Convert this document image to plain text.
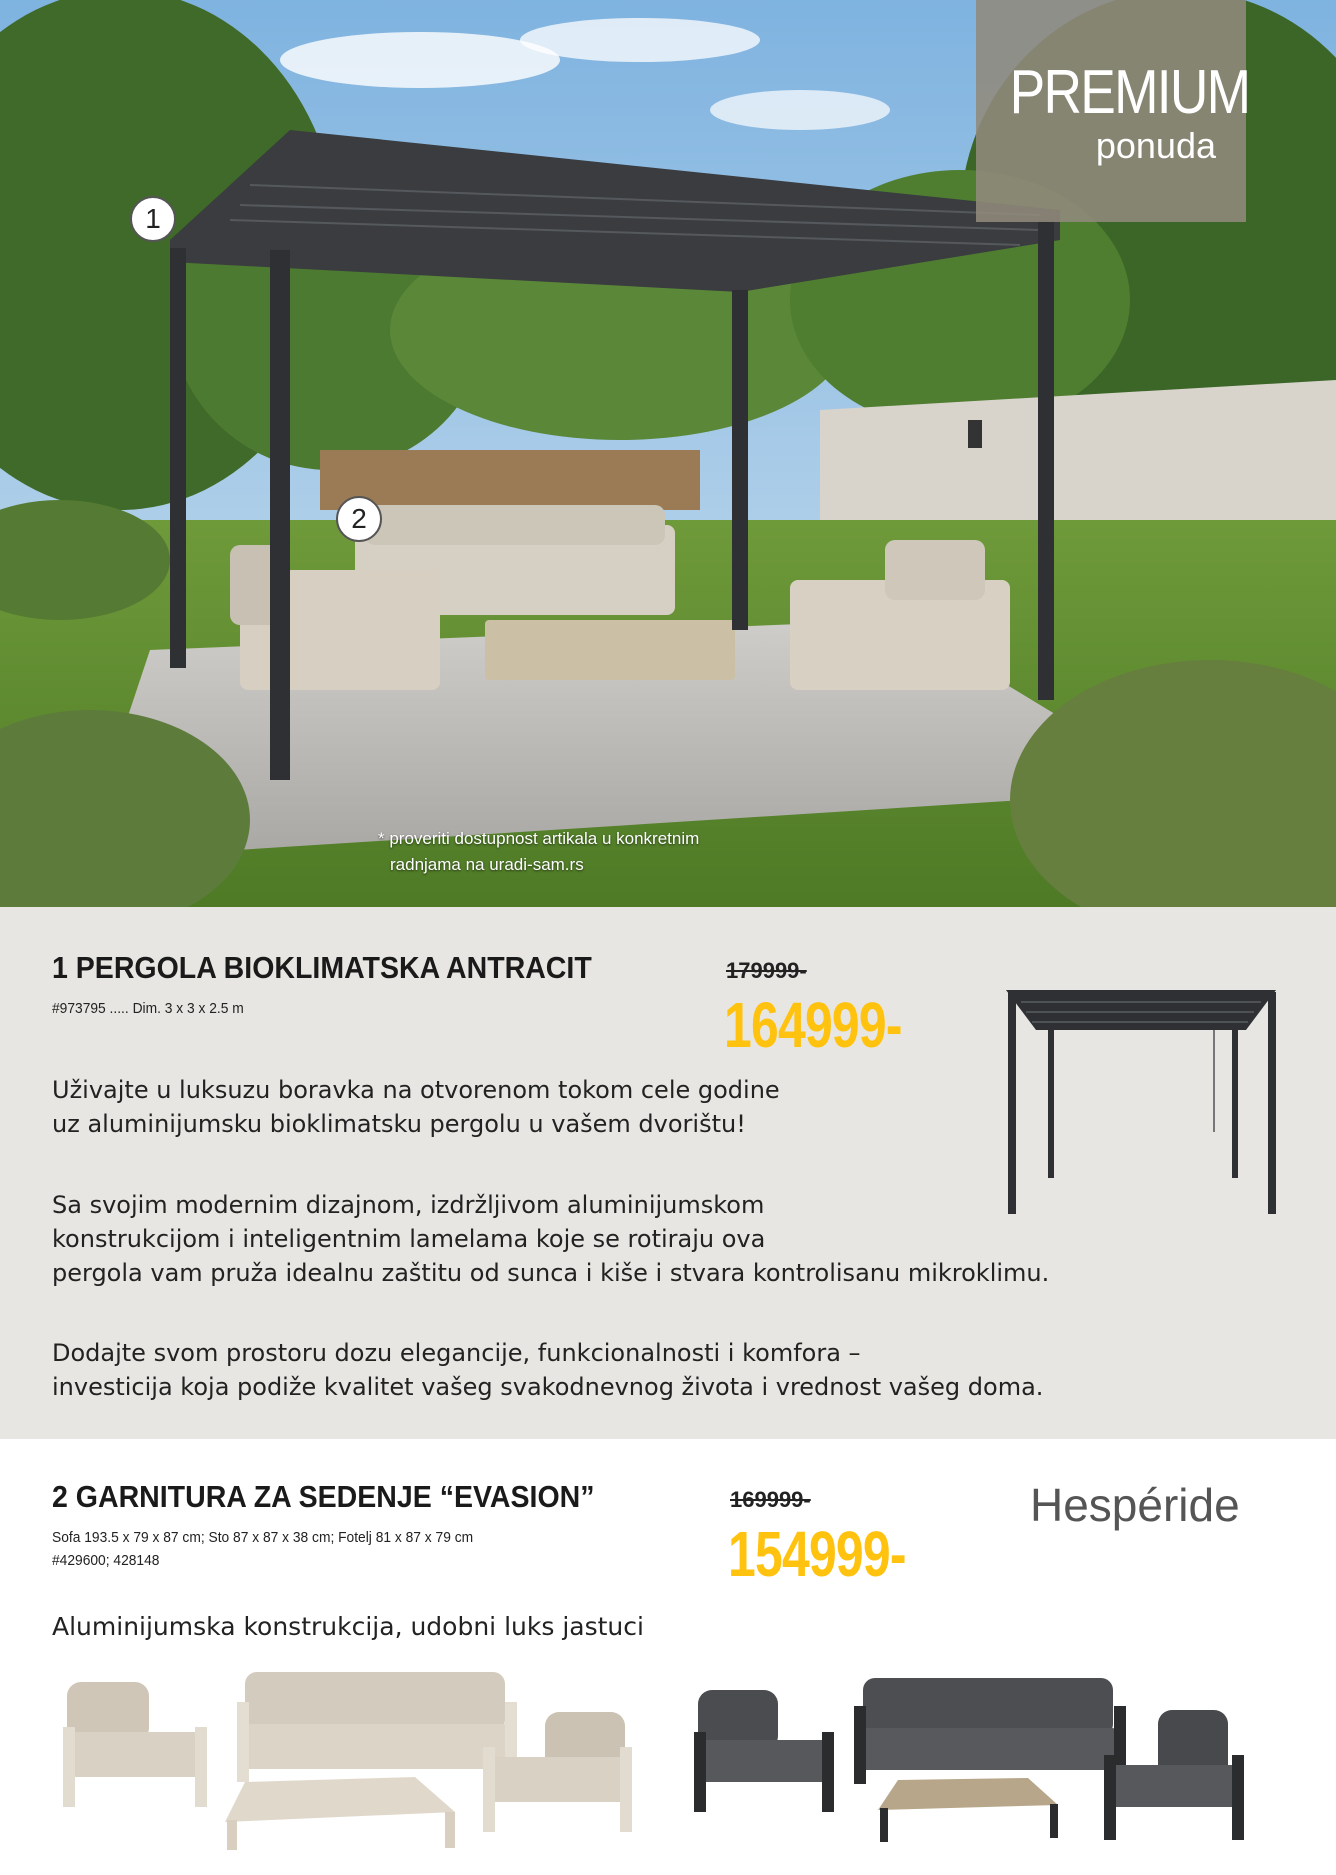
PREMIUM
ponuda
1
2
* proveriti dostupnost artikala u konkretnim
radnjama na uradi-sam.rs
1 PERGOLA BIOKLIMATSKA ANTRACIT
#973795 ..... Dim. 3 x 3 x 2.5 m
179999-
164999-
Uživajte u luksuzu boravka na otvorenom tokom cele godine
uz aluminijumsku bioklimatsku pergolu u vašem dvorištu!
Sa svojim modernim dizajnom, izdržljivom aluminijumskom
konstrukcijom i inteligentnim lamelama koje se rotiraju ova
pergola vam pruža idealnu zaštitu od sunca i kiše i stvara kontrolisanu mikroklimu.
Dodajte svom prostoru dozu elegancije, funkcionalnosti i komfora –
investicija koja podiže kvalitet vašeg svakodnevnog života i vrednost vašeg doma.
2 GARNITURA ZA SEDENJE “EVASION”
Sofa 193.5 x 79 x 87 cm; Sto 87 x 87 x 38 cm; Fotelj 81 x 87 x 79 cm
#429600; 428148
169999-
154999-
Hespéride
Aluminijumska konstrukcija, udobni luks jastuci
